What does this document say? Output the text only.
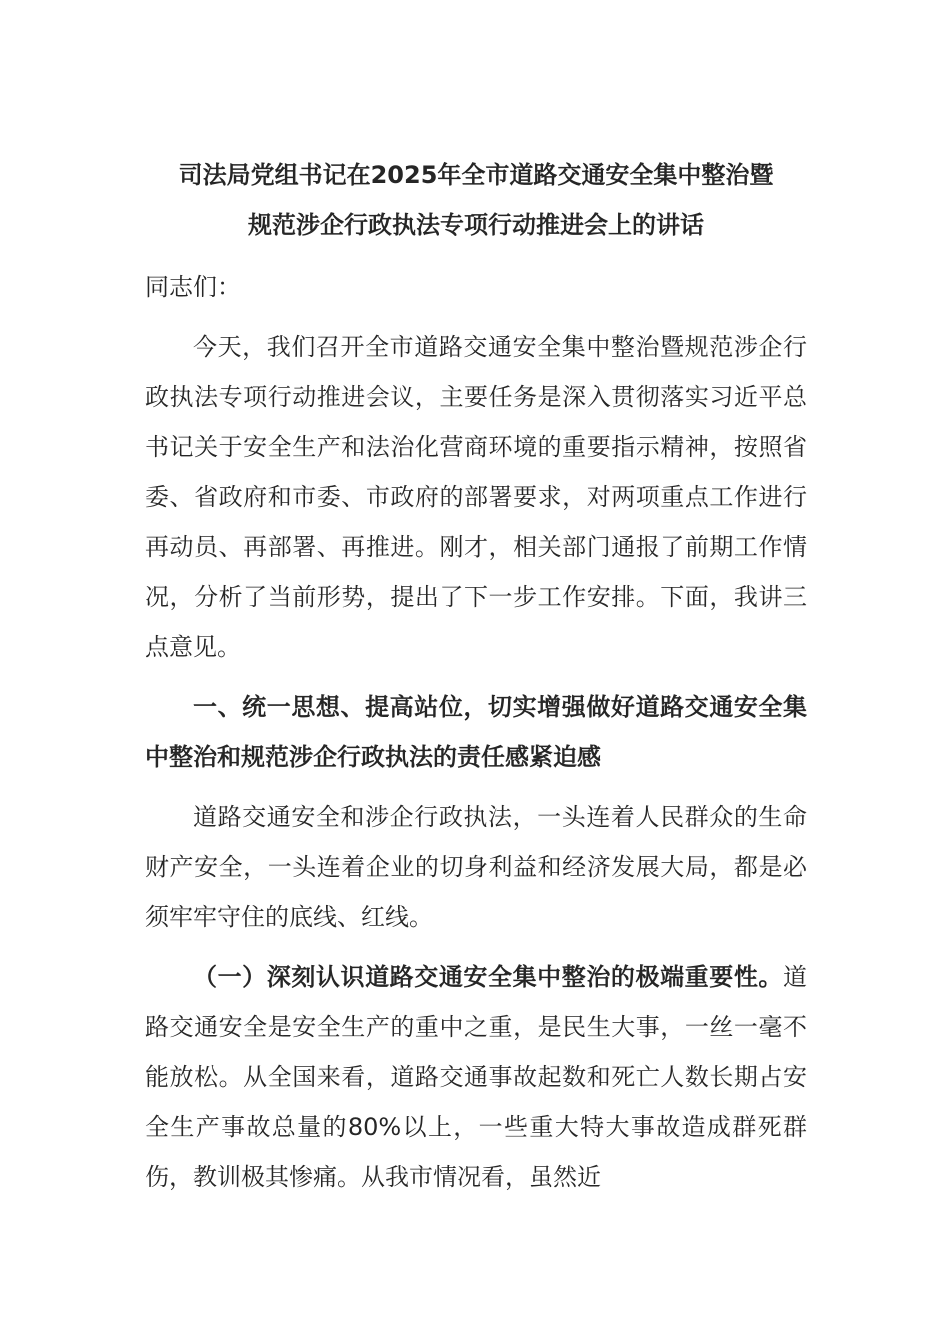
司法局党组书记在2025年全市道路交通安全集中整治暨
规范涉企行政执法专项行动推进会上的讲话

同志们：

今天，我们召开全市道路交通安全集中整治暨规范涉企行政执法专项行动推进会议，主要任务是深入贯彻落实习近平总书记关于安全生产和法治化营商环境的重要指示精神，按照省委、省政府和市委、市政府的部署要求，对两项重点工作进行再动员、再部署、再推进。刚才，相关部门通报了前期工作情况，分析了当前形势，提出了下一步工作安排。下面，我讲三点意见。

一、统一思想、提高站位，切实增强做好道路交通安全集中整治和规范涉企行政执法的责任感紧迫感

道路交通安全和涉企行政执法，一头连着人民群众的生命财产安全，一头连着企业的切身利益和经济发展大局，都是必须牢牢守住的底线、红线。

（一）深刻认识道路交通安全集中整治的极端重要性。道路交通安全是安全生产的重中之重，是民生大事，一丝一毫不能放松。从全国来看，道路交通事故起数和死亡人数长期占安全生产事故总量的80%以上，一些重大特大事故造成群死群伤，教训极其惨痛。从我市情况看，虽然近
